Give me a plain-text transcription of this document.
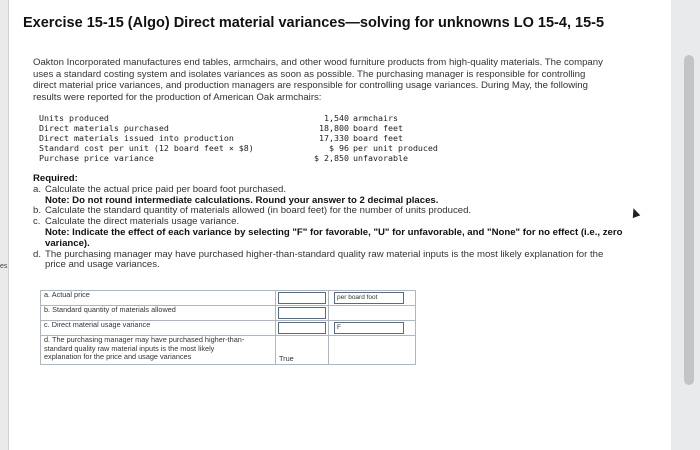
Exercise 15-15 (Algo) Direct material variances—solving for unknowns LO 15-4, 15-5
Oakton Incorporated manufactures end tables, armchairs, and other wood furniture products from high-quality materials. The company
uses a standard costing system and isolates variances as soon as possible. The purchasing manager is responsible for controlling
direct material price variances, and production managers are responsible for controlling usage variances. During May, the following
results were reported for the production of American Oak armchairs:
Units produced	1,540 armchairs
Direct materials purchased	18,800 board feet
Direct materials issued into production	17,330 board feet
Standard cost per unit (12 board feet × $8)	$ 96 per unit produced
Purchase price variance	$ 2,850 unfavorable
Required:
a. Calculate the actual price paid per board foot purchased.
Note: Do not round intermediate calculations. Round your answer to 2 decimal places.
b. Calculate the standard quantity of materials allowed (in board feet) for the number of units produced.
c. Calculate the direct materials usage variance.
Note: Indicate the effect of each variance by selecting "F" for favorable, "U" for unfavorable, and "None" for no effect (i.e., zero
variance).
d. The purchasing manager may have purchased higher-than-standard quality raw material inputs is the most likely explanation for the
price and usage variances.
a. Actual price		per board foot

b. Standard quantity of materials allowed	

c. Direct material usage variance		F

d. The purchasing manager may have purchased higher-than-
standard quality raw material inputs is the most likely
explanation for the price and usage variances	True	

es
